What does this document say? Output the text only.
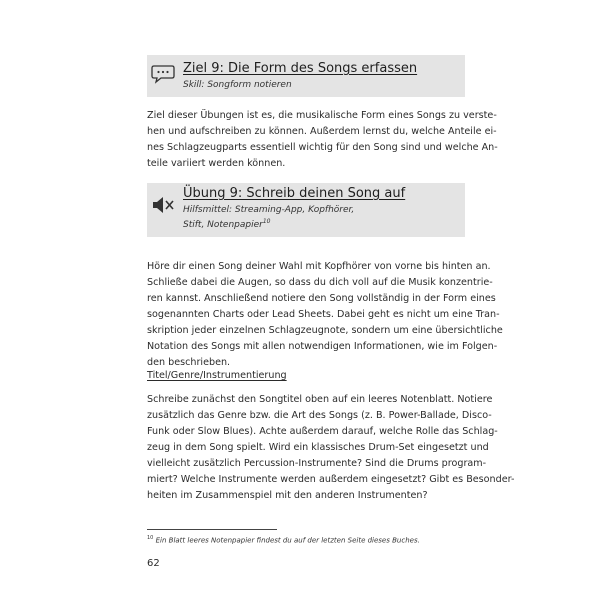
Ziel 9: Die Form des Songs erfassen
Skill: Songform notieren
Ziel dieser Übungen ist es, die musikalische Form eines Songs zu verste-
hen und aufschreiben zu können. Außerdem lernst du, welche Anteile ei-
nes Schlagzeugparts essentiell wichtig für den Song sind und welche An-
teile variiert werden können.
Übung 9: Schreib deinen Song auf
Hilfsmittel: Streaming-App, Kopfhörer,
Stift, Notenpapier$^{10}$
Höre dir einen Song deiner Wahl mit Kopfhörer von vorne bis hinten an.
Schließe dabei die Augen, so dass du dich voll auf die Musik konzentrie-
ren kannst. Anschließend notiere den Song vollständig in der Form eines
sogenannten Charts oder Lead Sheets. Dabei geht es nicht um eine Tran-
skription jeder einzelnen Schlagzeugnote, sondern um eine übersichtliche
Notation des Songs mit allen notwendigen Informationen, wie im Folgen-
den beschrieben.
Titel/Genre/Instrumentierung
Schreibe zunächst den Songtitel oben auf ein leeres Notenblatt. Notiere
zusätzlich das Genre bzw. die Art des Songs (z. B. Power-Ballade, Disco-
Funk oder Slow Blues). Achte außerdem darauf, welche Rolle das Schlag-
zeug in dem Song spielt. Wird ein klassisches Drum-Set eingesetzt und
vielleicht zusätzlich Percussion-Instrumente? Sind die Drums program-
miert? Welche Instrumente werden außerdem eingesetzt? Gibt es Besonder-
heiten im Zusammenspiel mit den anderen Instrumenten?
$^{10}$ Ein Blatt leeres Notenpapier findest du auf der letzten Seite dieses Buches.
62
